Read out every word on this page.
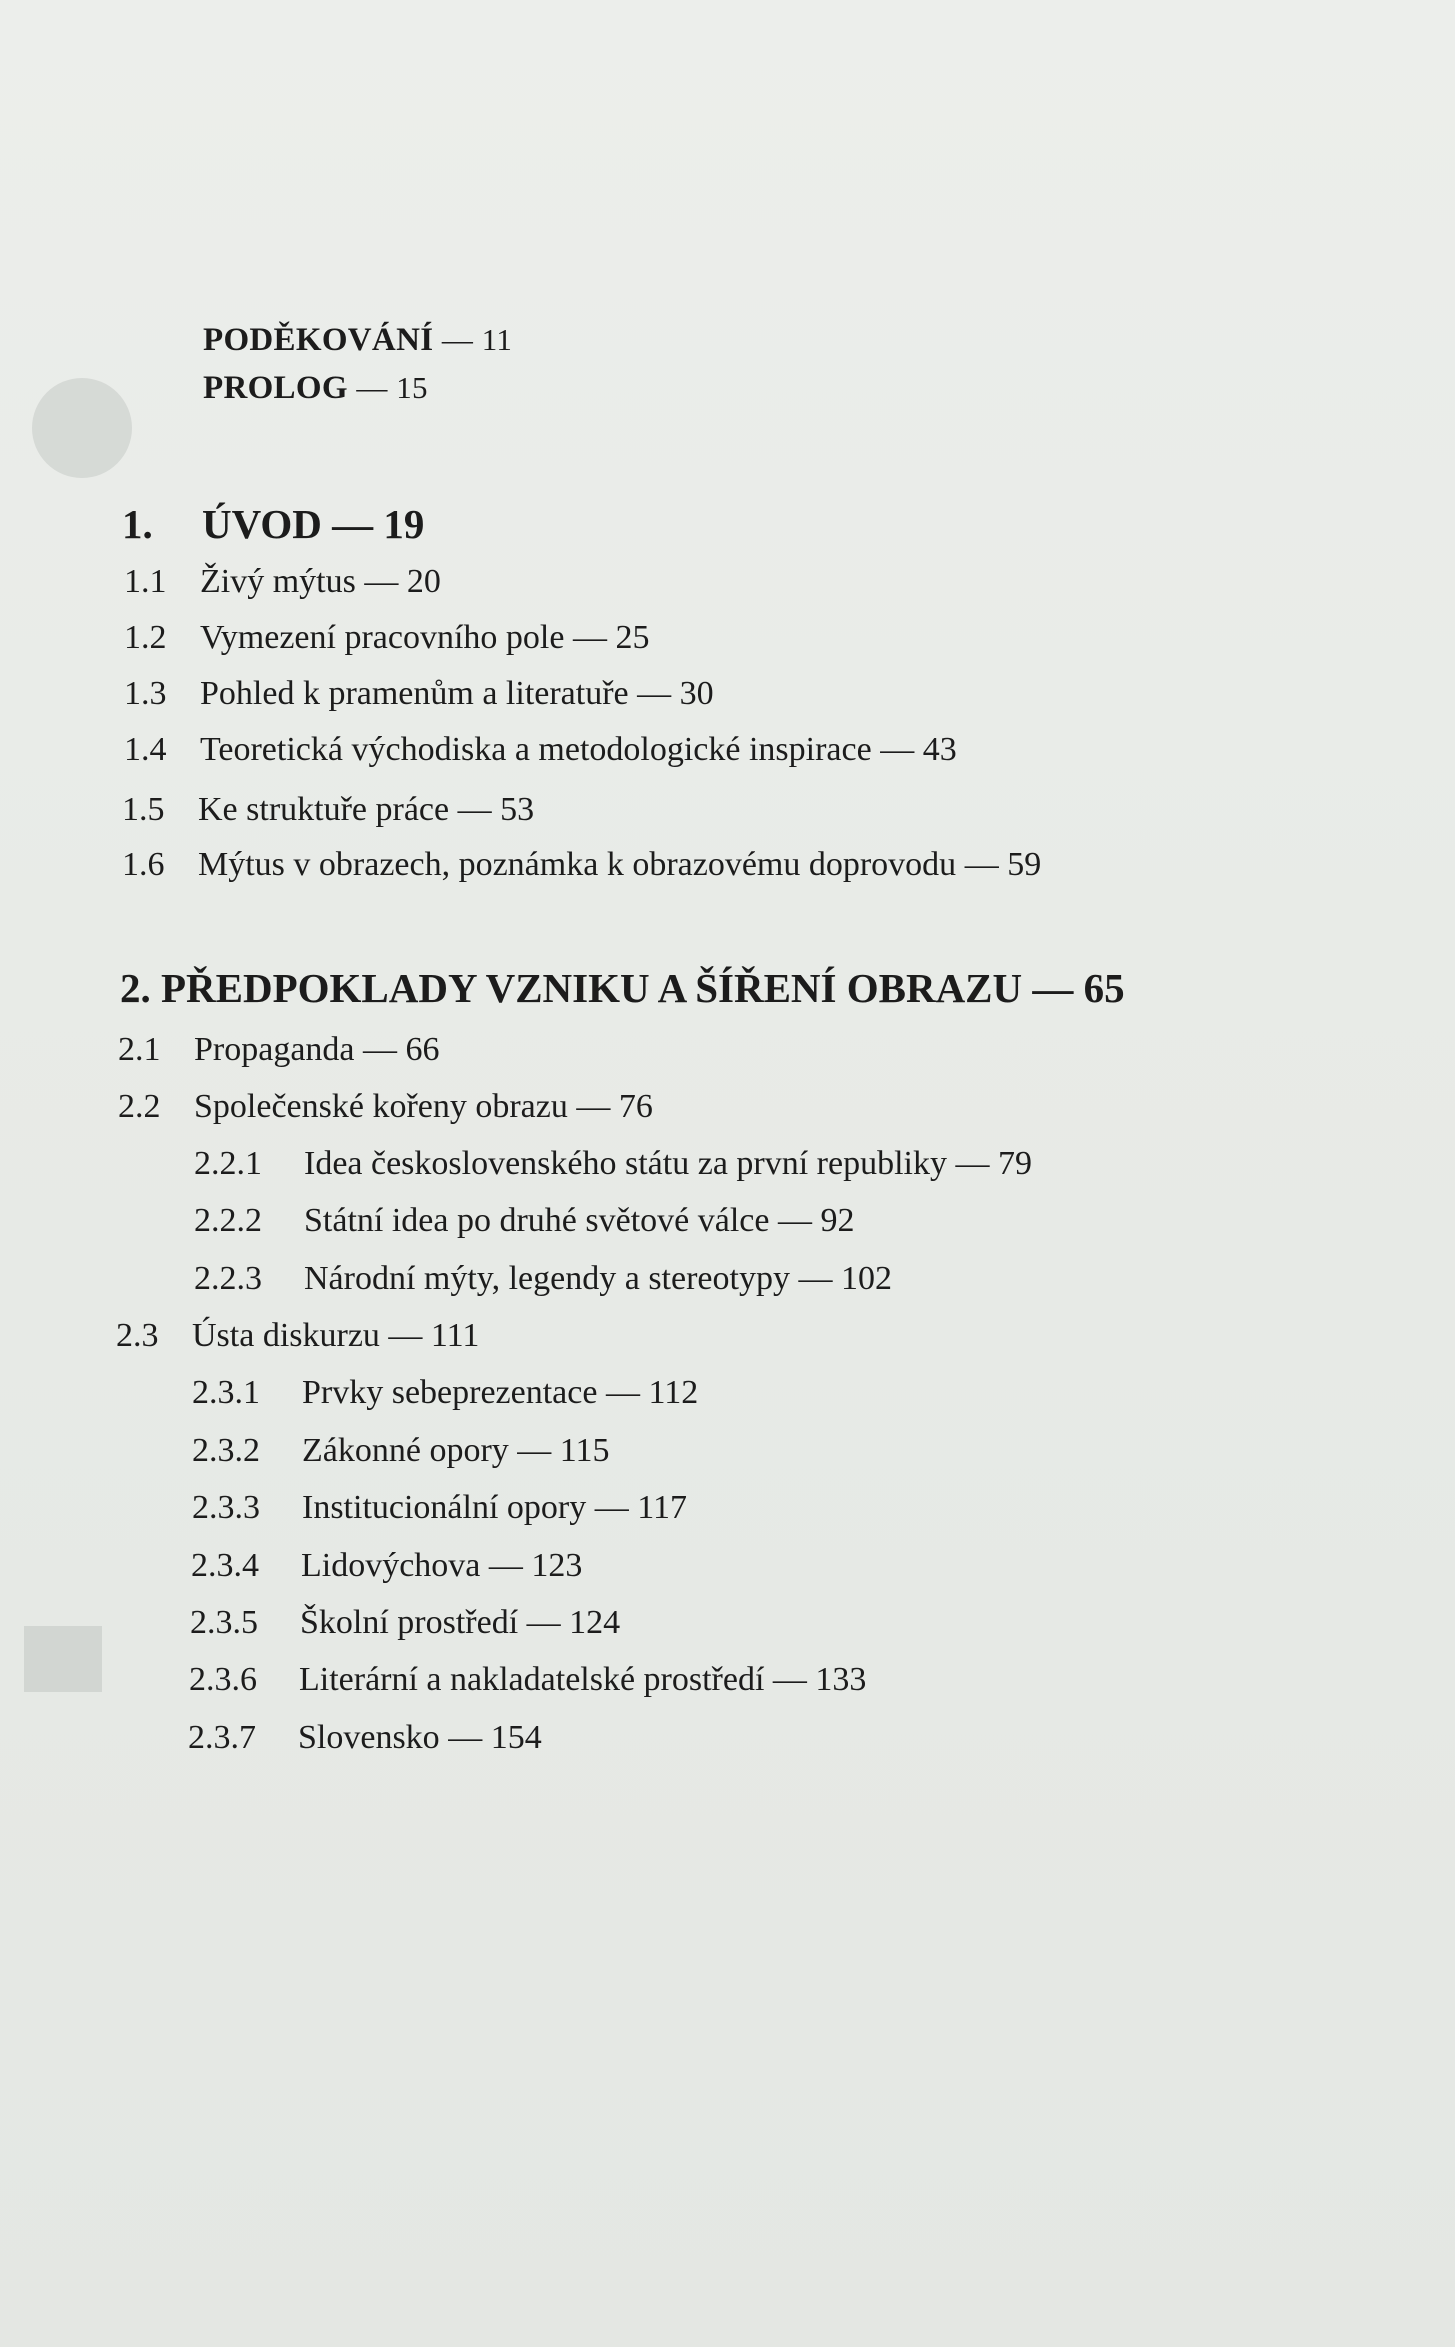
PODĚKOVÁNÍ — 11
PROLOG — 15
1. ÚVOD — 19
1.1 Živý mýtus — 20
1.2 Vymezení pracovního pole — 25
1.3 Pohled k pramenům a literatuře — 30
1.4 Teoretická východiska a metodologické inspirace — 43
1.5 Ke struktuře práce — 53
1.6 Mýtus v obrazech, poznámka k obrazovému doprovodu — 59
2. PŘEDPOKLADY VZNIKU A ŠÍŘENÍ OBRAZU — 65
2.1 Propaganda — 66
2.2 Společenské kořeny obrazu — 76
2.2.1 Idea československého státu za první republiky — 79
2.2.2 Státní idea po druhé světové válce — 92
2.2.3 Národní mýty, legendy a stereotypy — 102
2.3 Ústa diskurzu — 111
2.3.1 Prvky sebeprezentace — 112
2.3.2 Zákonné opory — 115
2.3.3 Institucionální opory — 117
2.3.4 Lidovýchova — 123
2.3.5 Školní prostředí — 124
2.3.6 Literární a nakladatelské prostředí — 133
2.3.7 Slovensko — 154
